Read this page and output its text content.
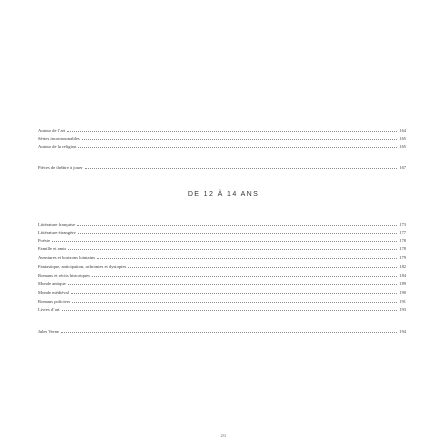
Autour de l’art	164
Séries incontournables	165
Autour de la religion	165
Pièces de théâtre à jouer	167
DE 12 À 14 ANS
Littérature française	173
Littérature étrangère	177
Poésie	178
Famille et amis	178
Aventures et horizons lointains	179
Fantastique, anticipation, uchronies et dystopies	182
Romans et récits historiques	184
Monde antique	189
Monde médiéval	190
Romans policiers	191
Livres d’art	193
Jules Verne	194
281
